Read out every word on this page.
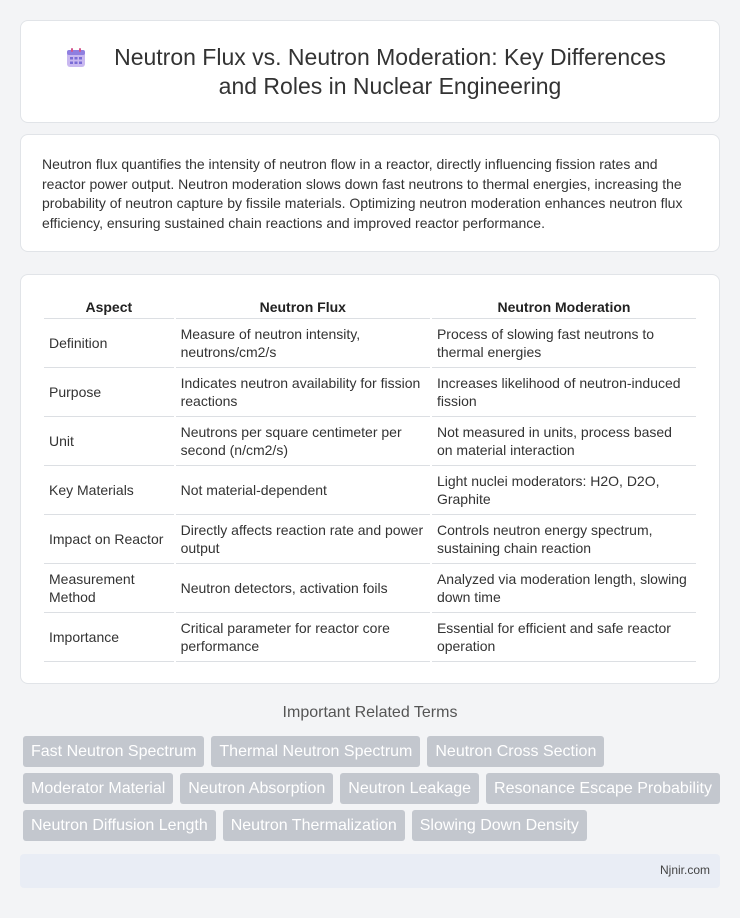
Neutron Flux vs. Neutron Moderation: Key Differences and Roles in Nuclear Engineering

Neutron flux quantifies the intensity of neutron flow in a reactor, directly influencing fission rates and reactor power output. Neutron moderation slows down fast neutrons to thermal energies, increasing the probability of neutron capture by fissile materials. Optimizing neutron moderation enhances neutron flux efficiency, ensuring sustained chain reactions and improved reactor performance.

Aspect	Neutron Flux	Neutron Moderation
Definition	Measure of neutron intensity, neutrons/cm2/s	Process of slowing fast neutrons to thermal energies
Purpose	Indicates neutron availability for fission reactions	Increases likelihood of neutron-induced fission
Unit	Neutrons per square centimeter per second (n/cm2/s)	Not measured in units, process based on material interaction
Key Materials	Not material-dependent	Light nuclei moderators: H2O, D2O, Graphite
Impact on Reactor	Directly affects reaction rate and power output	Controls neutron energy spectrum, sustaining chain reaction
Measurement Method	Neutron detectors, activation foils	Analyzed via moderation length, slowing down time
Importance	Critical parameter for reactor core performance	Essential for efficient and safe reactor operation
Important Related Terms
Fast Neutron Spectrum	Thermal Neutron Spectrum	Neutron Cross Section
Moderator Material	Neutron Absorption	Neutron Leakage	Resonance Escape Probability
Neutron Diffusion Length	Neutron Thermalization	Slowing Down Density
Njnir.com
